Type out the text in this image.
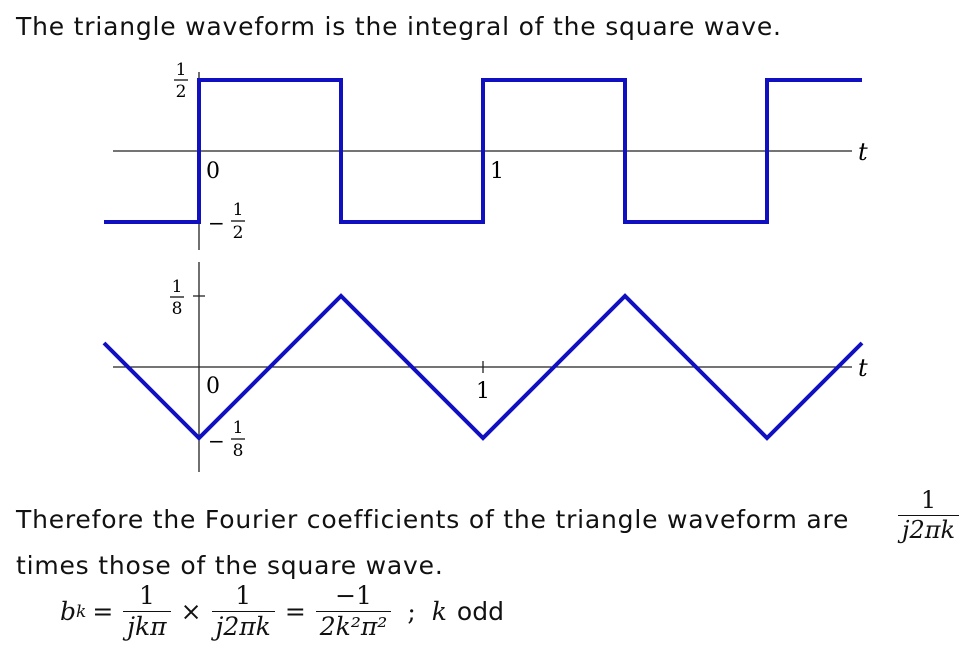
The triangle waveform is the integral of the square wave.
t
0	1
1
2
−
1
2
t
0	1
1
8
−
1
8
Therefore the Fourier coefficients of the triangle waveform are $\frac{1}{j2\pi k}$
times those of the square wave.
b $k = \frac{1}{\text{jkπ}} \times \frac{1}{j2\pi k} = \frac{-1}{\text{2k²π²}}$ ; k odd
